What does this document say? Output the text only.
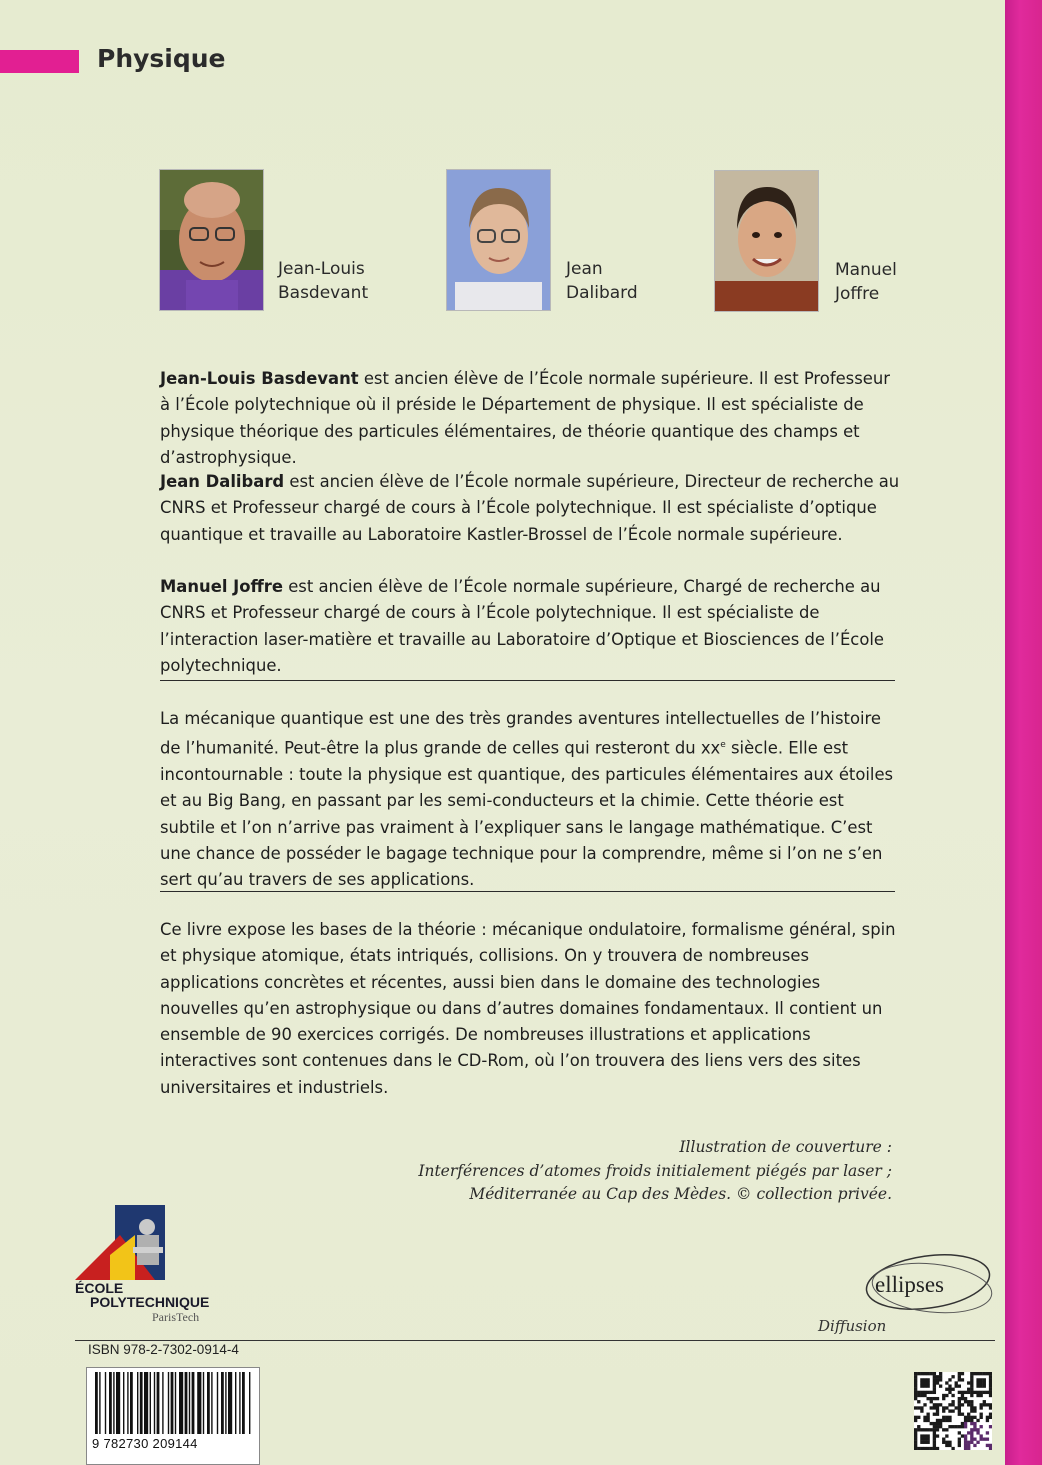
Physique
Jean-Louis
Basdevant
Jean
Dalibard
Manuel
Joffre
Jean-Louis Basdevant est ancien élève de l’École normale supérieure. Il est Professeur à l’École polytechnique où il préside le Département de physique. Il est spécialiste de physique théorique des particules élémentaires, de théorie quantique des champs et d’astrophysique.
Jean Dalibard est ancien élève de l’École normale supérieure, Directeur de recherche au CNRS et Professeur chargé de cours à l’École polytechnique. Il est spécialiste d’optique quantique et travaille au Laboratoire Kastler-Brossel de l’École normale supérieure.
Manuel Joffre est ancien élève de l’École normale supérieure, Chargé de recherche au CNRS et Professeur chargé de cours à l’École polytechnique. Il est spécialiste de l’interaction laser-matière et travaille au Laboratoire d’Optique et Biosciences de l’École polytechnique.
La mécanique quantique est une des très grandes aventures intellectuelles de l’histoire de l’humanité. Peut-être la plus grande de celles qui resteront du $xx^e$ siècle. Elle est incontournable : toute la physique est quantique, des particules élémentaires aux étoiles et au Big Bang, en passant par les semi-conducteurs et la chimie. Cette théorie est subtile et l’on n’arrive pas vraiment à l’expliquer sans le langage mathématique. C’est une chance de posséder le bagage technique pour la comprendre, même si l’on ne s’en sert qu’au travers de ses applications.
Ce livre expose les bases de la théorie : mécanique ondulatoire, formalisme général, spin et physique atomique, états intriqués, collisions. On y trouvera de nombreuses applications concrètes et récentes, aussi bien dans le domaine des technologies nouvelles qu’en astrophysique ou dans d’autres domaines fondamentaux. Il contient un ensemble de 90 exercices corrigés. De nombreuses illustrations et applications interactives sont contenues dans le CD-Rom, où l’on trouvera des liens vers des sites universitaires et industriels.
Illustration de couverture :
Interférences d’atomes froids initialement piégés par laser ;
Méditerranée au Cap des Mèdes. © collection privée.
ÉCOLE
POLYTECHNIQUE
ParisTech
ellipses
Diffusion
ISBN 978-2-7302-0914-4
9 782730 209144
